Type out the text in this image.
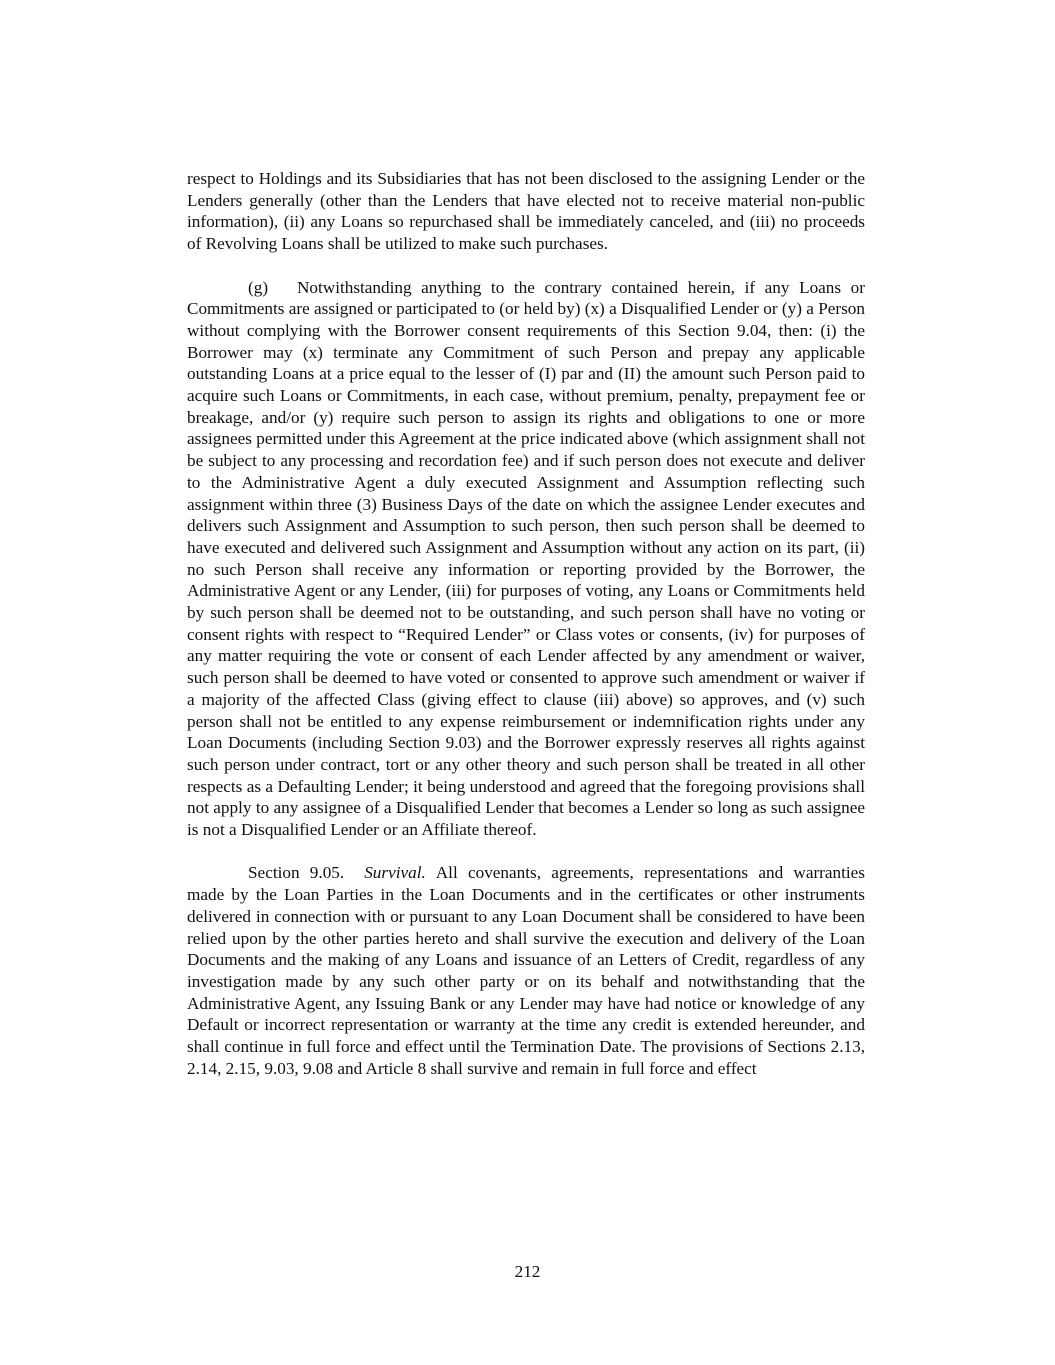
respect to Holdings and its Subsidiaries that has not been disclosed to the assigning Lender or the Lenders generally (other than the Lenders that have elected not to receive material non-public information), (ii) any Loans so repurchased shall be immediately canceled, and (iii) no proceeds of Revolving Loans shall be utilized to make such purchases.

(g) Notwithstanding anything to the contrary contained herein, if any Loans or Commitments are assigned or participated to (or held by) (x) a Disqualified Lender or (y) a Person without complying with the Borrower consent requirements of this Section 9.04, then: (i) the Borrower may (x) terminate any Commitment of such Person and prepay any applicable outstanding Loans at a price equal to the lesser of (I) par and (II) the amount such Person paid to acquire such Loans or Commitments, in each case, without premium, penalty, prepayment fee or breakage, and/or (y) require such person to assign its rights and obligations to one or more assignees permitted under this Agreement at the price indicated above (which assignment shall not be subject to any processing and recordation fee) and if such person does not execute and deliver to the Administrative Agent a duly executed Assignment and Assumption reflecting such assignment within three (3) Business Days of the date on which the assignee Lender executes and delivers such Assignment and Assumption to such person, then such person shall be deemed to have executed and delivered such Assignment and Assumption without any action on its part, (ii) no such Person shall receive any information or reporting provided by the Borrower, the Administrative Agent or any Lender, (iii) for purposes of voting, any Loans or Commitments held by such person shall be deemed not to be outstanding, and such person shall have no voting or consent rights with respect to “Required Lender” or Class votes or consents, (iv) for purposes of any matter requiring the vote or consent of each Lender affected by any amendment or waiver, such person shall be deemed to have voted or consented to approve such amendment or waiver if a majority of the affected Class (giving effect to clause (iii) above) so approves, and (v) such person shall not be entitled to any expense reimbursement or indemnification rights under any Loan Documents (including Section 9.03) and the Borrower expressly reserves all rights against such person under contract, tort or any other theory and such person shall be treated in all other respects as a Defaulting Lender; it being understood and agreed that the foregoing provisions shall not apply to any assignee of a Disqualified Lender that becomes a Lender so long as such assignee is not a Disqualified Lender or an Affiliate thereof.

Section 9.05. Survival. All covenants, agreements, representations and warranties made by the Loan Parties in the Loan Documents and in the certificates or other instruments delivered in connection with or pursuant to any Loan Document shall be considered to have been relied upon by the other parties hereto and shall survive the execution and delivery of the Loan Documents and the making of any Loans and issuance of an Letters of Credit, regardless of any investigation made by any such other party or on its behalf and notwithstanding that the Administrative Agent, any Issuing Bank or any Lender may have had notice or knowledge of any Default or incorrect representation or warranty at the time any credit is extended hereunder, and shall continue in full force and effect until the Termination Date. The provisions of Sections 2.13, 2.14, 2.15, 9.03, 9.08 and Article 8 shall survive and remain in full force and effect

212
